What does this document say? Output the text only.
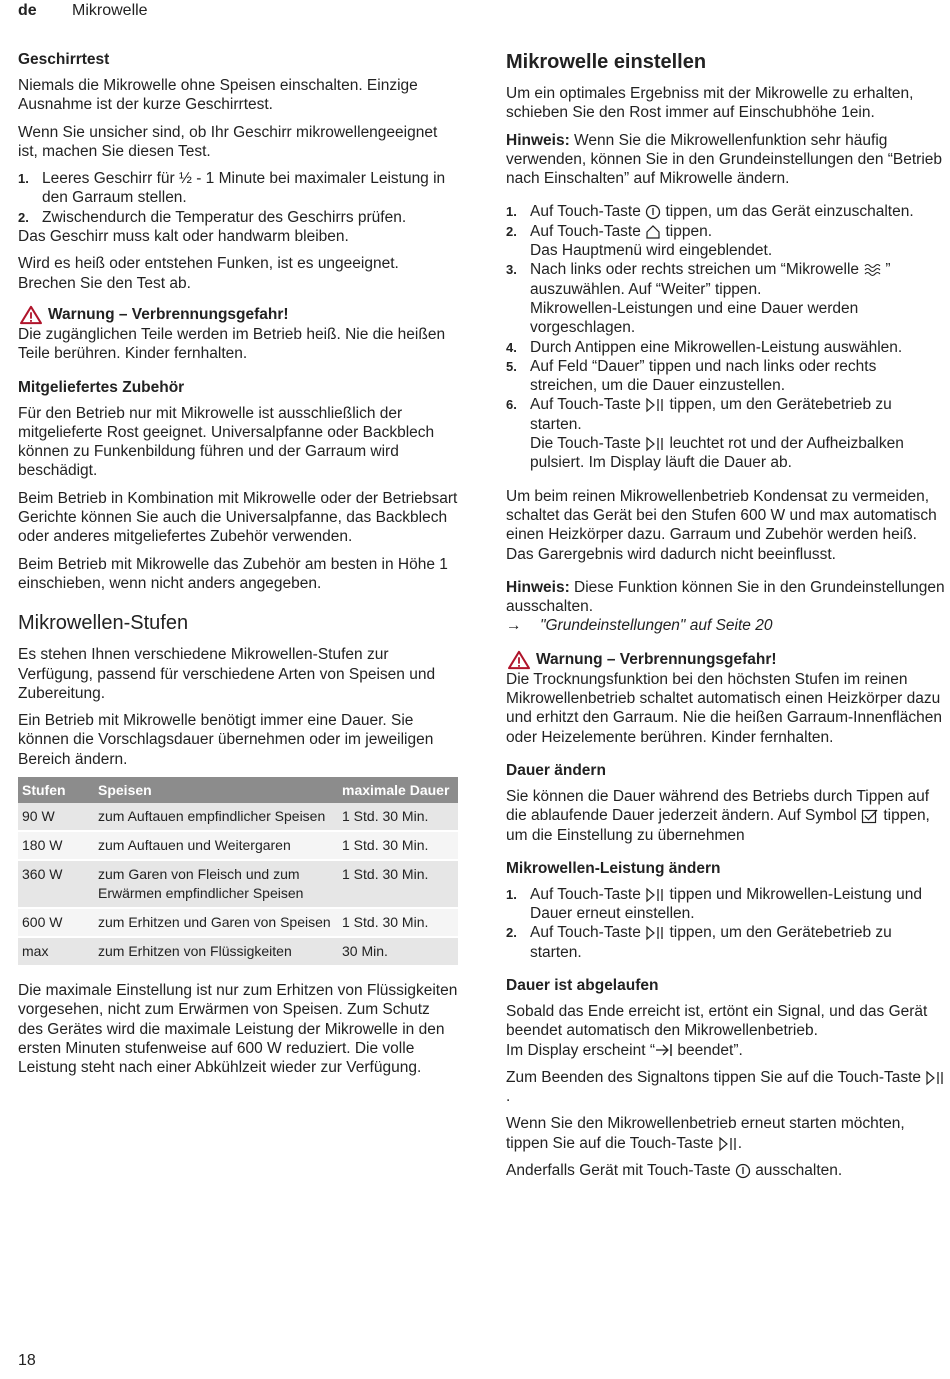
de	Mikrowelle
Geschirrtest

Niemals die Mikrowelle ohne Speisen einschalten. Einzige Ausnahme ist der kurze Geschirrtest.

Wenn Sie unsicher sind, ob Ihr Geschirr mikrowellengeeignet ist, machen Sie diesen Test.

1. Leeres Geschirr für ½ - 1 Minute bei maximaler Leistung in den Garraum stellen.
2. Zwischendurch die Temperatur des Geschirrs prüfen.

Das Geschirr muss kalt oder handwarm bleiben.

Wird es heiß oder entstehen Funken, ist es ungeeignet. Brechen Sie den Test ab.

Warnung – Verbrennungsgefahr!

Die zugänglichen Teile werden im Betrieb heiß. Nie die heißen Teile berühren. Kinder fernhalten.

Mitgeliefertes Zubehör

Für den Betrieb nur mit Mikrowelle ist ausschließlich der mitgelieferte Rost geeignet. Universalpfanne oder Backblech können zu Funkenbildung führen und der Garraum wird beschädigt.

Beim Betrieb in Kombination mit Mikrowelle oder der Betriebsart Gerichte können Sie auch die Universalpfanne, das Backblech oder anderes mitgeliefertes Zubehör verwenden.

Beim Betrieb mit Mikrowelle das Zubehör am besten in Höhe 1 einschieben, wenn nicht anders angegeben.

Mikrowellen-Stufen

Es stehen Ihnen verschiedene Mikrowellen-Stufen zur Verfügung, passend für verschiedene Arten von Speisen und Zubereitung.

Ein Betrieb mit Mikrowelle benötigt immer eine Dauer. Sie können die Vorschlagsdauer übernehmen oder im jeweiligen Bereich ändern.

Stufen	Speisen	maximale Dauer
90 W	zum Auftauen empfindlicher Speisen	1 Std. 30 Min.
180 W	zum Auftauen und Weitergaren	1 Std. 30 Min.
360 W	zum Garen von Fleisch und zum Erwärmen empfindlicher Speisen	1 Std. 30 Min.
600 W	zum Erhitzen und Garen von Speisen	1 Std. 30 Min.
max	zum Erhitzen von Flüssigkeiten	30 Min.

Die maximale Einstellung ist nur zum Erhitzen von Flüssigkeiten vorgesehen, nicht zum Erwärmen von Speisen. Zum Schutz des Gerätes wird die maximale Leistung der Mikrowelle in den ersten Minuten stufenweise auf 600 W reduziert. Die volle Leistung steht nach einer Abkühlzeit wieder zur Verfügung.

Mikrowelle einstellen

Um ein optimales Ergebniss mit der Mikrowelle zu erhalten, schieben Sie den Rost immer auf Einschubhöhe 1ein.

Hinweis: Wenn Sie die Mikrowellenfunktion sehr häufig verwenden, können Sie in den Grundeinstellungen den “Betrieb nach Einschalten” auf Mikrowelle ändern.

1. Auf Touch-Taste tippen, um das Gerät einzuschalten.
2. Auf Touch-Taste tippen.
Das Hauptmenü wird eingeblendet.
3. Nach links oder rechts streichen um “Mikrowelle ” auszuwählen. Auf “Weiter” tippen.
Mikrowellen-Leistungen und eine Dauer werden vorgeschlagen.
4. Durch Antippen eine Mikrowellen-Leistung auswählen.
5. Auf Feld “Dauer” tippen und nach links oder rechts streichen, um die Dauer einzustellen.
6. Auf Touch-Taste tippen, um den Gerätebetrieb zu starten.
Die Touch-Taste leuchtet rot und der Aufheizbalken pulsiert. Im Display läuft die Dauer ab.

Um beim reinen Mikrowellenbetrieb Kondensat zu vermeiden, schaltet das Gerät bei den Stufen 600 W und max automatisch einen Heizkörper dazu. Garraum und Zubehör werden heiß. Das Garergebnis wird dadurch nicht beeinflusst.

Hinweis: Diese Funktion können Sie in den Grundeinstellungen ausschalten.

→ "Grundeinstellungen" auf Seite 20

Warnung – Verbrennungsgefahr!

Die Trocknungsfunktion bei den höchsten Stufen im reinen Mikrowellenbetrieb schaltet automatisch einen Heizkörper dazu und erhitzt den Garraum. Nie die heißen Garraum-Innenflächen oder Heizelemente berühren. Kinder fernhalten.

Dauer ändern

Sie können die Dauer während des Betriebs durch Tippen auf die ablaufende Dauer jederzeit ändern. Auf Symbol tippen, um die Einstellung zu übernehmen

Mikrowellen-Leistung ändern
1. Auf Touch-Taste tippen und Mikrowellen-Leistung und Dauer erneut einstellen.
2. Auf Touch-Taste tippen, um den Gerätebetrieb zu starten.
Dauer ist abgelaufen

Sobald das Ende erreicht ist, ertönt ein Signal, und das Gerät beendet automatisch den Mikrowellenbetrieb.
Im Display erscheint “ beendet”.

Zum Beenden des Signaltons tippen Sie auf die Touch-Taste .

Wenn Sie den Mikrowellenbetrieb erneut starten möchten, tippen Sie auf die Touch-Taste .

Anderfalls Gerät mit Touch-Taste ausschalten.

18
